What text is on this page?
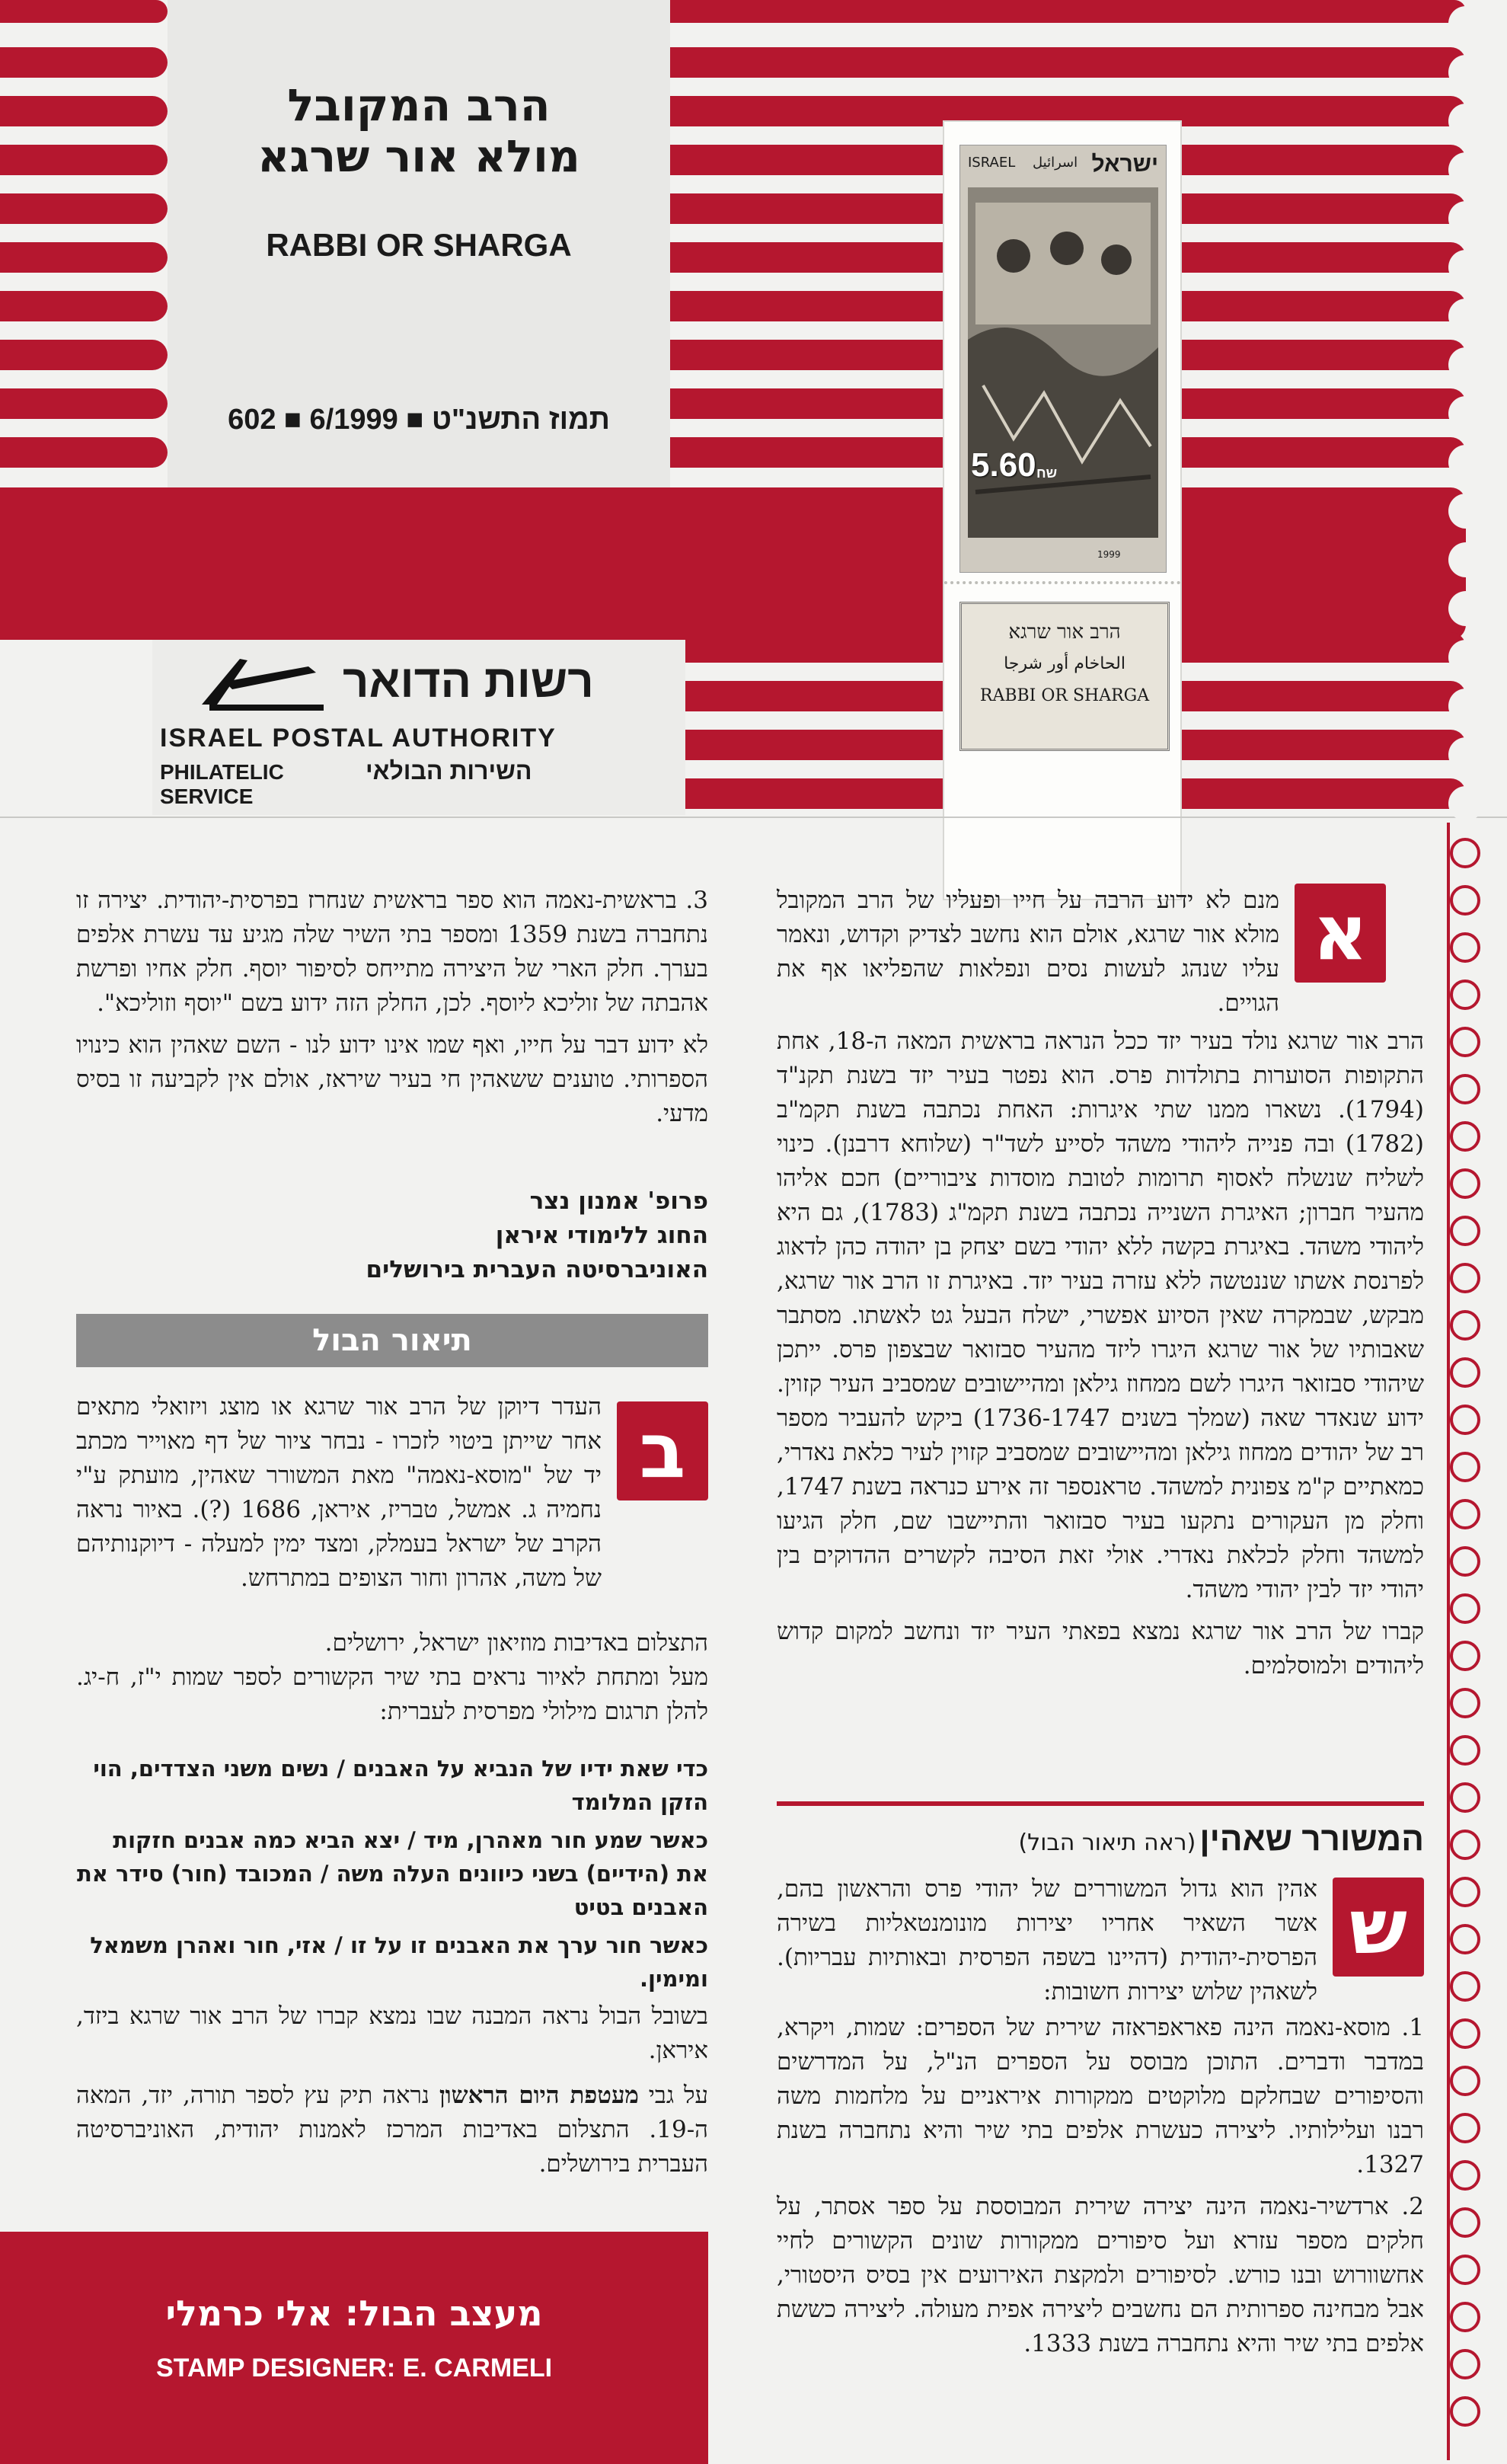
הרב המקובל
מולא אור שרגא
RABBI OR SHARGA
602 ■ 6/1999 ■ תמוז התשנ"ט
רשות הדואר
ISRAEL POSTAL AUTHORITY
PHILATELIC SERVICE
השירות הבולאי
ישראל
اسرائيل
ISRAEL
5.60 שח
1999
הרב אור שרגא
الحاخام أور شرجا
RABBI OR SHARGA
א

מנם לא ידוע הרבה על חייו ופעליו של הרב המקובל מולא אור שרגא, אולם הוא נחשב לצדיק וקדוש, ונאמר עליו שנהג לעשות נסים ונפלאות שהפליאו אף את הגויים.

הרב אור שרגא נולד בעיר יזד ככל הנראה בראשית המאה ה-18, אחת התקופות הסוערות בתולדות פרס. הוא נפטר בעיר יזד בשנת תקנ"ד (1794). נשארו ממנו שתי איגרות: האחת נכתבה בשנת תקמ"ב (1782) ובה פנייה ליהודי משהד לסייע לשד"ר (שלוחא דרבנן). כינוי לשליח שנשלח לאסוף תרומות לטובת מוסדות ציבוריים) חכם אליהו מהעיר חברון; האיגרת השנייה נכתבה בשנת תקמ"ג (1783), גם היא ליהודי משהד. באיגרת בקשה ללא יהודי בשם יצחק בן יהודה כהן לדאוג לפרנסת אשתו שננטשה ללא עזרה בעיר יזד. באיגרת זו הרב אור שרגא, מבקש, שבמקרה שאין הסיוע אפשרי, ישלח הבעל גט לאשתו. מסתבר שאבותיו של אור שרגא היגרו ליזד מהעיר סבזואר שבצפון פרס. ייתכן שיהודי סבזואר היגרו לשם ממחוז גילאן ומהיישובים שמסביב העיר קזוין. ידוע שנאדר שאה (שמלך בשנים 1736-1747) ביקש להעביר מספר רב של יהודים ממחוז גילאן ומהיישובים שמסביב קזוין לעיר כלאת נאדרי, כמאתיים ק"מ צפונית למשהד. טראנספר זה אירע כנראה בשנת 1747, וחלק מן העקורים נתקעו בעיר סבזואר והתיישבו שם, חלק הגיעו למשהד וחלק לכלאת נאדרי. אולי זאת הסיבה לקשרים ההדוקים בין יהודי יזד לבין יהודי משהד.

קברו של הרב אור שרגא נמצא בפאתי העיר יזד ונחשב למקום קדוש ליהודים ולמוסלמים.

המשורר שאהין (ראה תיאור הבול)
ש

אהין הוא גדול המשוררים של יהודי פרס והראשון בהם, אשר השאיר אחריו יצירות מונומנטאליות בשירה הפרסית-יהודית (דהיינו בשפה הפרסית ובאותיות עבריות). לשאהין שלוש יצירות חשובות:

1. מוסא-נאמה הינה פאראפראזה שירית של הספרים: שמות, ויקרא, במדבר ודברים. התוכן מבוסס על הספרים הנ"ל, על המדרשים והסיפורים שבחלקם מלוקטים ממקורות איראניים על מלחמות משה רבנו ועלילותיו. ליצירה כעשרת אלפים בתי שיר והיא נתחברה בשנת 1327.

2. ארדשיר-נאמה הינה יצירה שירית המבוססת על ספר אסתר, על חלקים מספר עזרא ועל סיפורים ממקורות שונים הקשורים לחיי אחשוורוש ובנו כורש. לסיפורים ולמקצת האירועים אין בסיס היסטורי, אבל מבחינה ספרותית הם נחשבים ליצירה אפית מעולה. ליצירה כששת אלפים בתי שיר והיא נתחברה בשנת 1333.

3. בראשית-נאמה הוא ספר בראשית שנחרז בפרסית-יהודית. יצירה זו נתחברה בשנת 1359 ומספר בתי השיר שלה מגיע עד עשרת אלפים בערך. חלק הארי של היצירה מתייחס לסיפור יוסף. חלק אחיו ופרשת אהבתה של זוליכא ליוסף. לכן, החלק הזה ידוע בשם "יוסף וזוליכא".

לא ידוע דבר על חייו, ואף שמו אינו ידוע לנו - השם שאהין הוא כינויו הספרותי. טוענים ששאהין חי בעיר שיראז, אולם אין לקביעה זו בסיס מדעי.

פרופ' אמנון נצר
החוג ללימודי איראן
האוניברסיטה העברית בירושלים
תיאור הבול
ב

העדר דיוקן של הרב אור שרגא או מוצג ויזואלי מתאים אחר שייתן ביטוי לזכרו - נבחר ציור של דף מאוייר מכתב יד של "מוסא-נאמה" מאת המשורר שאהין, מועתק ע"י נחמיה ג. אמשל, טבריז, איראן, 1686 (?). באיור נראה הקרב של ישראל בעמלק, ומצד ימין למעלה - דיוקנותיהם של משה, אהרון וחור הצופים במתרחש.

התצלום באדיבות מוזיאון ישראל, ירושלים.

מעל ומתחת לאיור נראים בתי שיר הקשורים לספר שמות י"ז, ח-יג. להלן תרגום מילולי מפרסית לעברית:

כדי שאת ידיו של הנביא על האבנים / נשים משני הצדדים, הוי הזקן המלומד
כאשר שמע חור מאהרן, מיד / יצא הביא כמה אבנים חזקות את (הידיים) בשני כיוונים העלה משה / המכובד (חור) סידר את האבנים בטיט
כאשר חור ערך את האבנים זו על זו / אזי, חור ואהרן משמאל ומימין.

בשובל הבול נראה המבנה שבו נמצא קברו של הרב אור שרגא ביזד, איראן.

על גבי מעטפת היום הראשון נראה תיק עץ לספר תורה, יזד, המאה ה-19. התצלום באדיבות המרכז לאמנות יהודית, האוניברסיטה העברית בירושלים.

מעצב הבול: אלי כרמלי
STAMP DESIGNER: E. CARMELI
